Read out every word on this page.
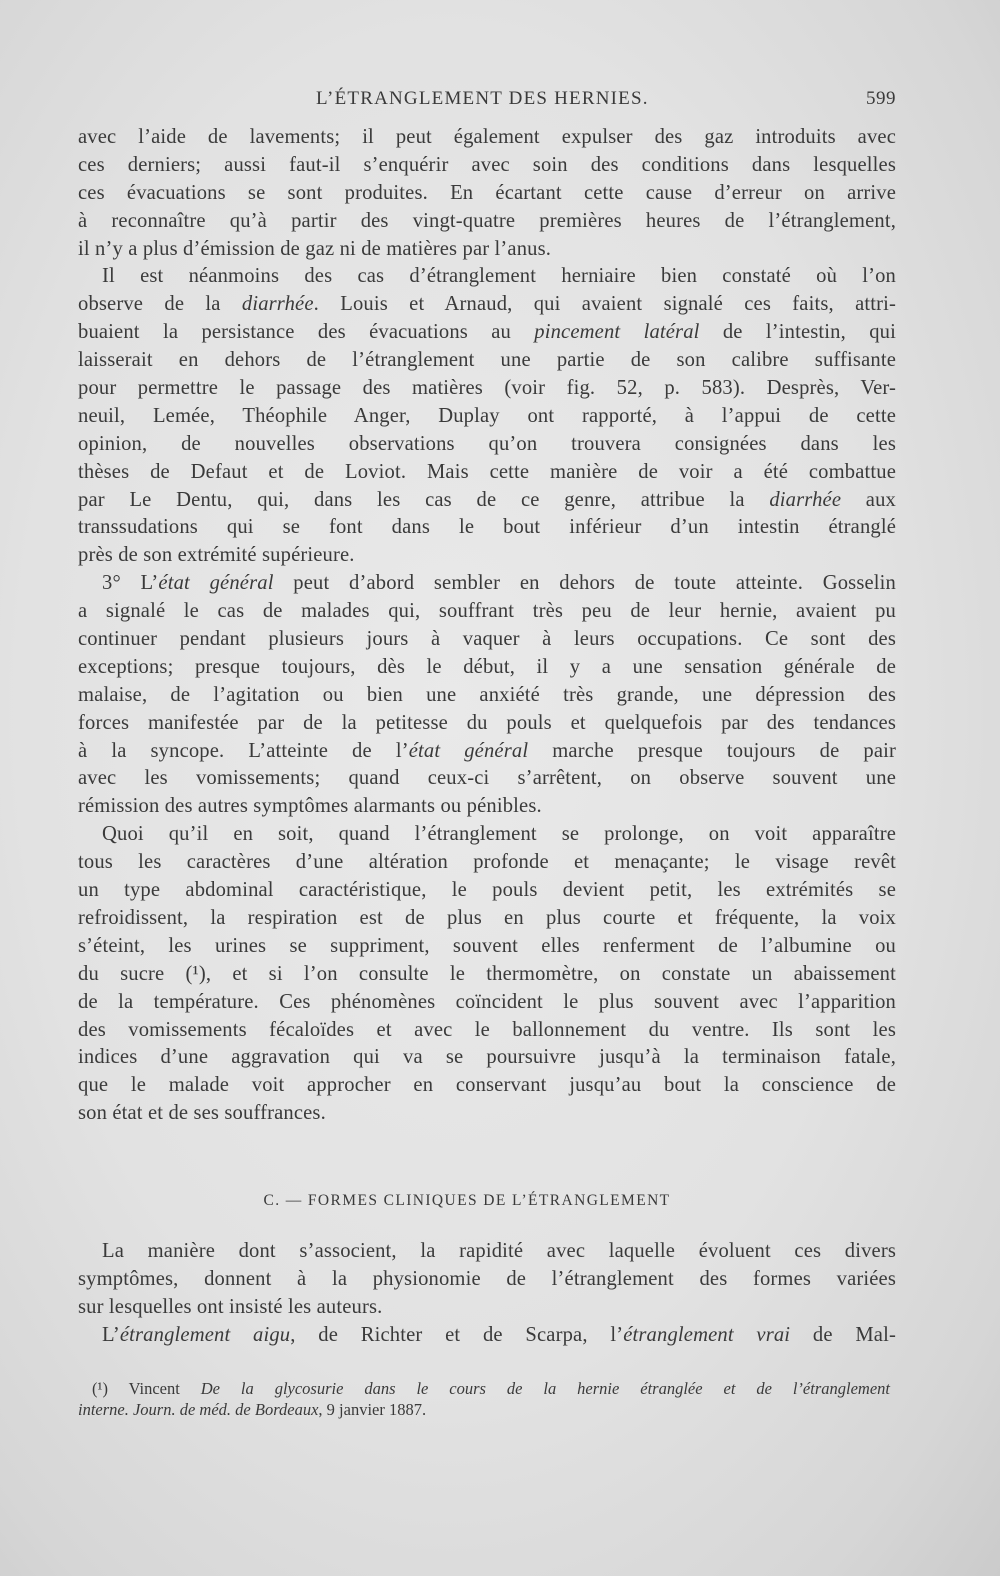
L’ÉTRANGLEMENT DES HERNIES.	599
avec l’aide de lavements; il peut également expulser des gaz introduits avec
ces derniers; aussi faut-il s’enquérir avec soin des conditions dans lesquelles
ces évacuations se sont produites. En écartant cette cause d’erreur on arrive
à reconnaître qu’à partir des vingt-quatre premières heures de l’étranglement,
il n’y a plus d’émission de gaz ni de matières par l’anus.
Il est néanmoins des cas d’étranglement herniaire bien constaté où l’on
observe de la diarrhée. Louis et Arnaud, qui avaient signalé ces faits, attri-
buaient la persistance des évacuations au pincement latéral de l’intestin, qui
laisserait en dehors de l’étranglement une partie de son calibre suffisante
pour permettre le passage des matières (voir fig. 52, p. 583). Desprès, Ver-
neuil, Lemée, Théophile Anger, Duplay ont rapporté, à l’appui de cette
opinion, de nouvelles observations qu’on trouvera consignées dans les
thèses de Defaut et de Loviot. Mais cette manière de voir a été combattue
par Le Dentu, qui, dans les cas de ce genre, attribue la diarrhée aux
transsudations qui se font dans le bout inférieur d’un intestin étranglé
près de son extrémité supérieure.
3° L’état général peut d’abord sembler en dehors de toute atteinte. Gosselin
a signalé le cas de malades qui, souffrant très peu de leur hernie, avaient pu
continuer pendant plusieurs jours à vaquer à leurs occupations. Ce sont des
exceptions; presque toujours, dès le début, il y a une sensation générale de
malaise, de l’agitation ou bien une anxiété très grande, une dépression des
forces manifestée par de la petitesse du pouls et quelquefois par des tendances
à la syncope. L’atteinte de l’état général marche presque toujours de pair
avec les vomissements; quand ceux-ci s’arrêtent, on observe souvent une
rémission des autres symptômes alarmants ou pénibles.
Quoi qu’il en soit, quand l’étranglement se prolonge, on voit apparaître
tous les caractères d’une altération profonde et menaçante; le visage revêt
un type abdominal caractéristique, le pouls devient petit, les extrémités se
refroidissent, la respiration est de plus en plus courte et fréquente, la voix
s’éteint, les urines se suppriment, souvent elles renferment de l’albumine ou
du sucre (¹), et si l’on consulte le thermomètre, on constate un abaissement
de la température. Ces phénomènes coïncident le plus souvent avec l’apparition
des vomissements fécaloïdes et avec le ballonnement du ventre. Ils sont les
indices d’une aggravation qui va se poursuivre jusqu’à la terminaison fatale,
que le malade voit approcher en conservant jusqu’au bout la conscience de
son état et de ses souffrances.
C. — FORMES CLINIQUES DE L’ÉTRANGLEMENT
La manière dont s’associent, la rapidité avec laquelle évoluent ces divers
symptômes, donnent à la physionomie de l’étranglement des formes variées
sur lesquelles ont insisté les auteurs.
L’étranglement aigu, de Richter et de Scarpa, l’étranglement vrai de Mal-
(¹) Vincent De la glycosurie dans le cours de la hernie étranglée et de l’étranglement
interne. Journ. de méd. de Bordeaux, 9 janvier 1887.
